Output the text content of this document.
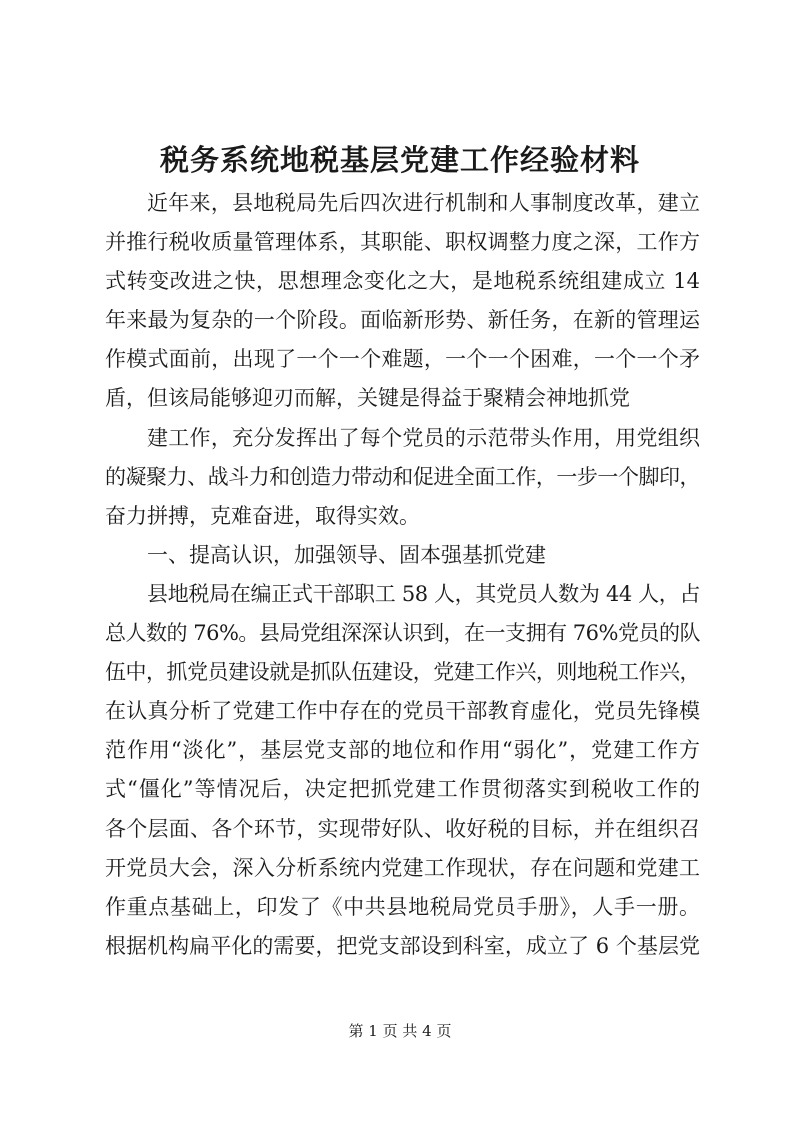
税务系统地税基层党建工作经验材料
近年来，县地税局先后四次进行机制和人事制度改革，建立
并推行税收质量管理体系，其职能、职权调整力度之深，工作方
式转变改进之快，思想理念变化之大，是地税系统组建成立 14
年来最为复杂的一个阶段。面临新形势、新任务，在新的管理运
作模式面前，出现了一个一个难题，一个一个困难，一个一个矛
盾，但该局能够迎刃而解，关键是得益于聚精会神地抓党
建工作，充分发挥出了每个党员的示范带头作用，用党组织
的凝聚力、战斗力和创造力带动和促进全面工作，一步一个脚印，
奋力拼搏，克难奋进，取得实效。
一、提高认识，加强领导、固本强基抓党建
县地税局在编正式干部职工 58 人，其党员人数为 44 人，占
总人数的 76%。县局党组深深认识到，在一支拥有 76%党员的队
伍中，抓党员建设就是抓队伍建设，党建工作兴，则地税工作兴，
在认真分析了党建工作中存在的党员干部教育虚化，党员先锋模
范作用“淡化”，基层党支部的地位和作用“弱化”，党建工作方
式“僵化”等情况后，决定把抓党建工作贯彻落实到税收工作的
各个层面、各个环节，实现带好队、收好税的目标，并在组织召
开党员大会，深入分析系统内党建工作现状，存在问题和党建工
作重点基础上，印发了《中共县地税局党员手册》，人手一册。
根据机构扁平化的需要，把党支部设到科室，成立了 6 个基层党
第 1 页 共 4 页
